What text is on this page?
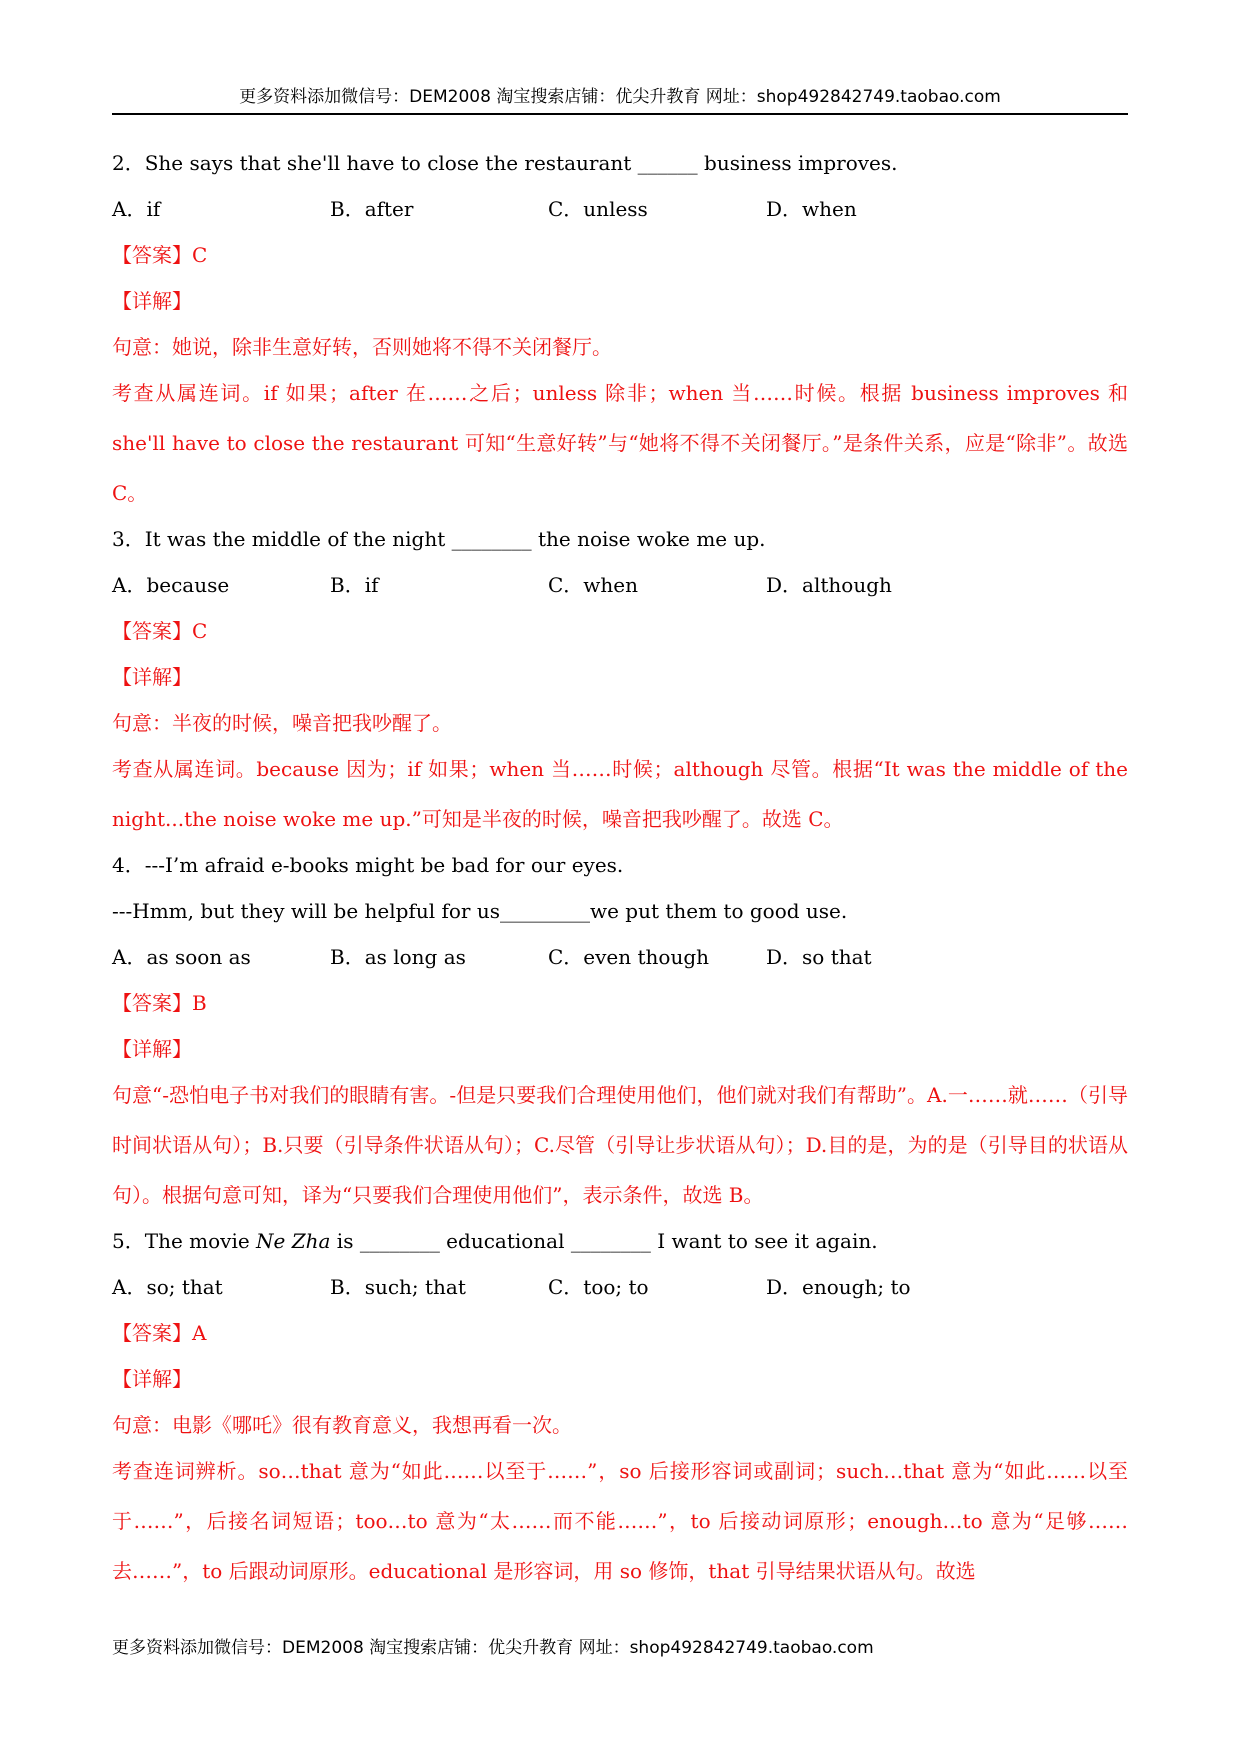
更多资料添加微信号：DEM2008 淘宝搜索店铺：优尖升教育 网址：shop492842749.taobao.com
2．She says that she'll have to close the restaurant ______ business improves.
A．if	B．after	C．unless	D．when
【答案】C
【详解】
句意：她说，除非生意好转，否则她将不得不关闭餐厅。
考查从属连词。if 如果；after 在……之后；unless 除非；when 当……时候。根据 business improves 和 she'll have to close the restaurant 可知“生意好转”与“她将不得不关闭餐厅。”是条件关系，应是“除非”。故选 C。
3．It was the middle of the night ________ the noise woke me up.
A．because	B．if	C．when	D．although
【答案】C
【详解】
句意：半夜的时候，噪音把我吵醒了。
考查从属连词。because 因为；if 如果；when 当……时候；although 尽管。根据“It was the middle of the night...the noise woke me up.”可知是半夜的时候，噪音把我吵醒了。故选 C。
4．---I’m afraid e-books might be bad for our eyes.
---Hmm, but they will be helpful for us_________we put them to good use.
A．as soon as	B．as long as	C．even though	D．so that
【答案】B
【详解】
句意“-恐怕电子书对我们的眼睛有害。-但是只要我们合理使用他们，他们就对我们有帮助”。A.一……就……（引导时间状语从句）；B.只要（引导条件状语从句）；C.尽管（引导让步状语从句）；D.目的是，为的是（引导目的状语从句）。根据句意可知，译为“只要我们合理使用他们”，表示条件，故选 B。
5．The movie Ne Zha is ________ educational ________ I want to see it again.
A．so; that	B．such; that	C．too; to	D．enough; to
【答案】A
【详解】
句意：电影《哪吒》很有教育意义，我想再看一次。
考查连词辨析。so…that 意为“如此……以至于……”，so 后接形容词或副词；such…that 意为“如此……以至于……”，后接名词短语；too…to 意为“太……而不能……”，to 后接动词原形；enough…to 意为“足够……去……”，to 后跟动词原形。educational 是形容词，用 so 修饰，that 引导结果状语从句。故选
更多资料添加微信号：DEM2008 淘宝搜索店铺：优尖升教育 网址：shop492842749.taobao.com
